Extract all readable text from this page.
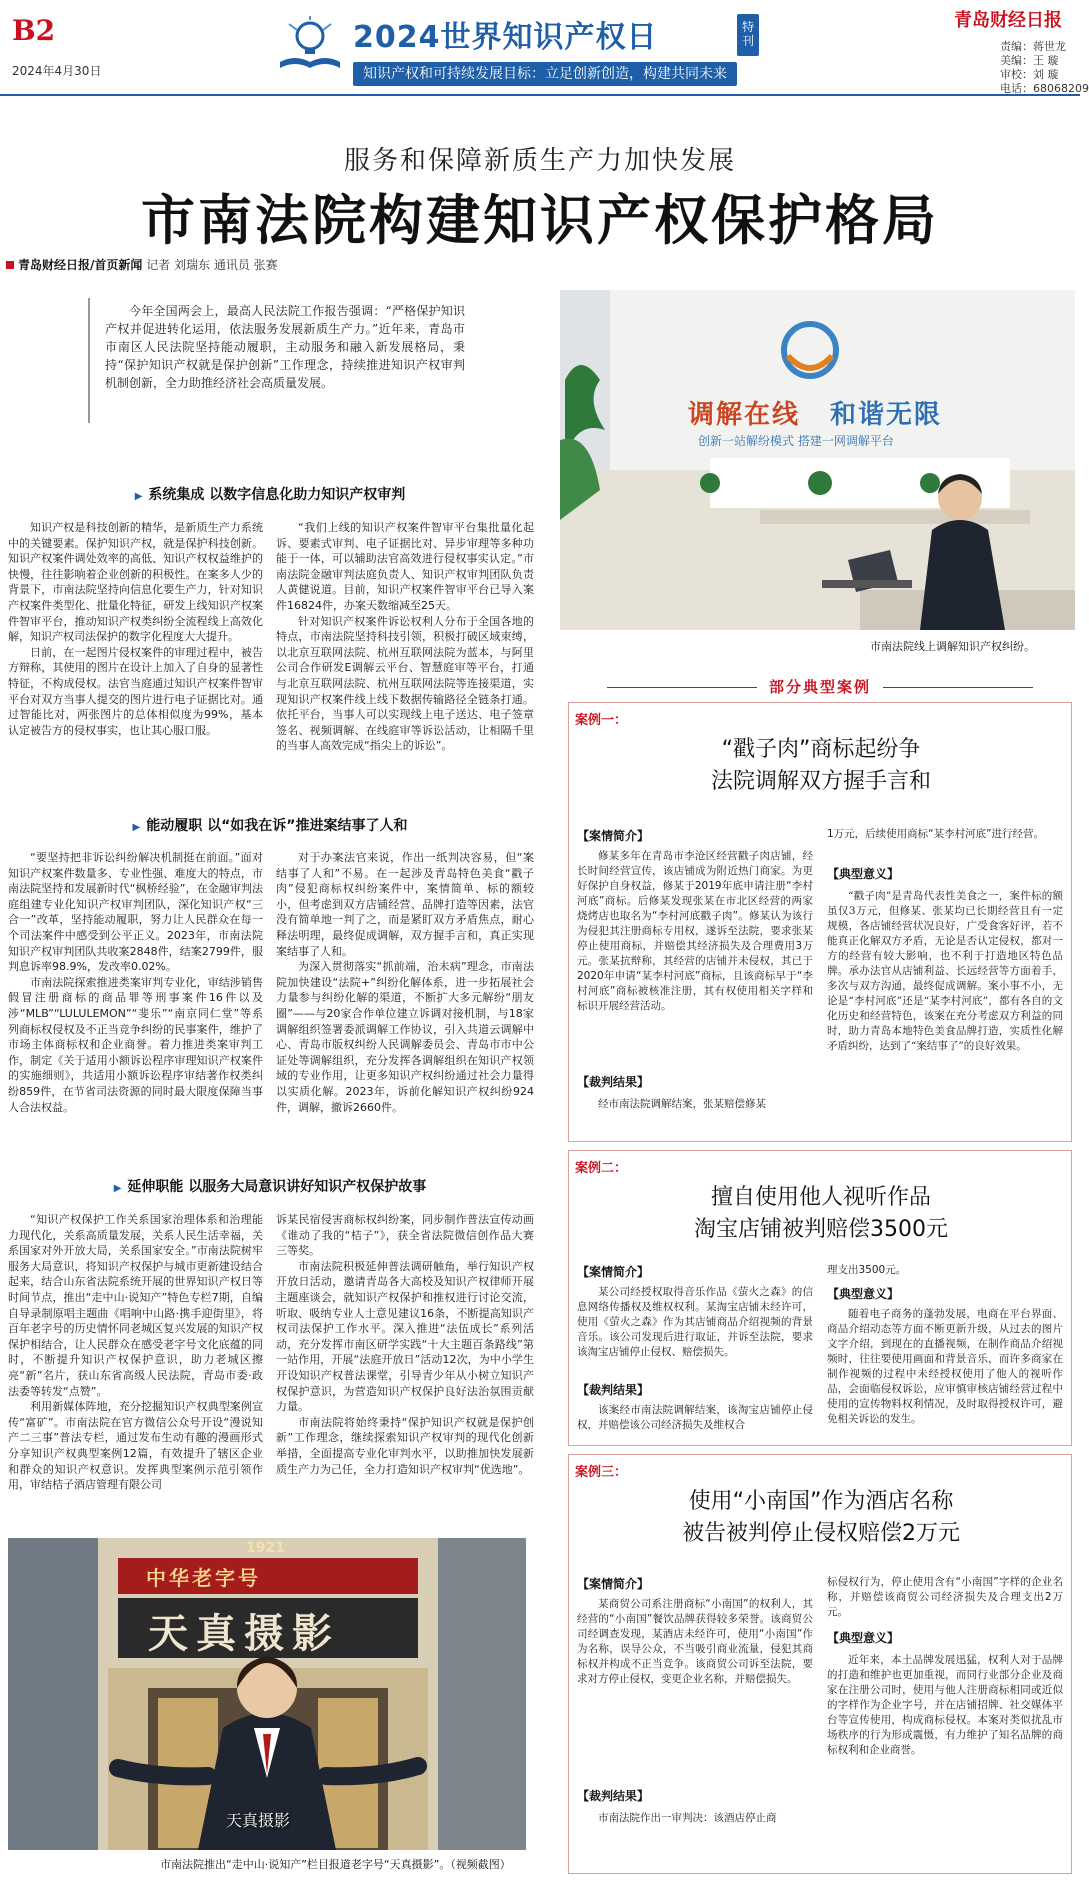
B2
2024年4月30日
2024世界知识产权日	特刊
知识产权和可持续发展目标：立足创新创造，构建共同未来
青岛财经日报
责编：蒋世龙
美编：王 璇
审校：刘 璇
电话：68068209
服务和保障新质生产力加快发展
市南法院构建知识产权保护格局
青岛财经日报/首页新闻 记者 刘瑞东 通讯员 张赛
今年全国两会上，最高人民法院工作报告强调：“严格保护知识产权并促进转化运用，依法服务发展新质生产力。”近年来，青岛市市南区人民法院坚持能动履职，主动服务和融入新发展格局，秉持“保护知识产权就是保护创新”工作理念，持续推进知识产权审判机制创新，全力助推经济社会高质量发展。
▶ 系统集成 以数字信息化助力知识产权审判

知识产权是科技创新的精华，是新质生产力系统中的关键要素。保护知识产权，就是保护科技创新。知识产权案件调处效率的高低、知识产权权益维护的快慢，往往影响着企业创新的积极性。在案多人少的背景下，市南法院坚持向信息化要生产力，针对知识产权案件类型化、批量化特征，研发上线知识产权案件智审平台，推动知识产权类纠纷全流程线上高效化解，知识产权司法保护的数字化程度大大提升。

日前，在一起图片侵权案件的审理过程中，被告方辩称，其使用的图片在设计上加入了自身的显著性特征，不构成侵权。法官当庭通过知识产权案件智审平台对双方当事人提交的图片进行电子证据比对。通过智能比对，两张图片的总体相似度为99%，基本认定被告方的侵权事实，也让其心服口服。

“我们上线的知识产权案件智审平台集批量化起诉、要素式审判、电子证据比对、异步审理等多种功能于一体，可以辅助法官高效进行侵权事实认定。”市南法院金融审判法庭负责人、知识产权审判团队负责人黄健说道。目前，知识产权案件智审平台已导入案件16824件，办案天数缩减至25天。

针对知识产权案件诉讼权利人分布于全国各地的特点，市南法院坚持科技引领，积极打破区域束缚，以北京互联网法院、杭州互联网法院为蓝本，与阿里公司合作研发E调解云平台、智慧庭审等平台，打通与北京互联网法院、杭州互联网法院等连接渠道，实现知识产权案件线上线下数据传输路径全链条打通。依托平台，当事人可以实现线上电子送达、电子签章签名、视频调解、在线庭审等诉讼活动，让相隔千里的当事人高效完成“指尖上的诉讼”。

▶ 能动履职 以“如我在诉”推进案结事了人和

“要坚持把非诉讼纠纷解决机制挺在前面。”面对知识产权案件数量多、专业性强、难度大的特点，市南法院坚持和发展新时代“枫桥经验”，在金融审判法庭组建专业化知识产权审判团队，深化知识产权“三合一”改革，坚持能动履职，努力让人民群众在每一个司法案件中感受到公平正义。2023年，市南法院知识产权审判团队共收案2848件，结案2799件，服判息诉率98.9%，发改率0.02%。

市南法院探索推进类案审判专业化，审结涉销售假冒注册商标的商品罪等刑事案件16件以及涉“MLB”“LULULEMON”“斐乐”“南京同仁堂”等系列商标权侵权及不正当竞争纠纷的民事案件，维护了市场主体商标权和企业商誉。着力推进类案审判工作，制定《关于适用小额诉讼程序审理知识产权案件的实施细则》，共适用小额诉讼程序审结著作权类纠纷859件，在节省司法资源的同时最大限度保障当事人合法权益。

对于办案法官来说，作出一纸判决容易，但“案结事了人和”不易。在一起涉及青岛特色美食“戳子肉”侵犯商标权纠纷案件中，案情简单、标的额较小，但考虑到双方店铺经营、品牌打造等因素，法官没有简单地一判了之，而是紧盯双方矛盾焦点，耐心释法明理，最终促成调解，双方握手言和，真正实现案结事了人和。

为深入贯彻落实“抓前端，治未病”理念，市南法院加快建设“法院+”纠纷化解体系，进一步拓展社会力量参与纠纷化解的渠道，不断扩大多元解纷“朋友圈”——与20家合作单位建立诉调对接机制，与18家调解组织签署委派调解工作协议，引入共道云调解中心、青岛市版权纠纷人民调解委员会、青岛市市中公证处等调解组织，充分发挥各调解组织在知识产权领域的专业作用，让更多知识产权纠纷通过社会力量得以实质化解。2023年，诉前化解知识产权纠纷924件，调解，撤诉2660件。

▶ 延伸职能 以服务大局意识讲好知识产权保护故事

“知识产权保护工作关系国家治理体系和治理能力现代化，关系高质量发展，关系人民生活幸福，关系国家对外开放大局，关系国家安全。”市南法院树牢服务大局意识，将知识产权保护与城市更新建设结合起来，结合山东省法院系统开展的世界知识产权日等时间节点，推出“走中山·说知产”特色专栏7期，自编自导录制原唱主题曲《唱响中山路·携手迎街里》，将百年老字号的历史情怀同老城区复兴发展的知识产权保护相结合，让人民群众在感受老字号文化底蕴的同时，不断提升知识产权保护意识，助力老城区擦亮“新”名片，获山东省高级人民法院，青岛市委·政法委等转发“点赞”。

利用新媒体阵地，充分挖掘知识产权典型案例宣传“富矿”。市南法院在官方微信公众号开设“漫说知产二三事”普法专栏，通过发布生动有趣的漫画形式分享知识产权典型案例12篇，有效提升了辖区企业和群众的知识产权意识。发挥典型案例示范引领作用，审结桔子酒店管理有限公司

诉某民宿侵害商标权纠纷案，同步制作普法宣传动画《谁动了我的“桔子”》，获全省法院微信创作品大赛三等奖。

市南法院积极延伸普法调研触角，举行知识产权开放日活动，邀请青岛各大高校及知识产权律师开展主题座谈会，就知识产权保护和推权进行讨论交流，听取、吸纳专业人士意见建议16条，不断提高知识产权司法保护工作水平。深入推进“法伍成长”系列活动，充分发挥市南区研学实践“十大主题百条路线”第一站作用，开展“法庭开放日”活动12次，为中小学生开设知识产权普法课堂，引导青少年从小树立知识产权保护意识，为营造知识产权保护良好法治氛围贡献力量。

市南法院将始终秉持“保护知识产权就是保护创新”工作理念，继续探索知识产权审判的现代化创新举措，全面提高专业化审判水平，以助推加快发展新质生产力为己任，全力打造知识产权审判“优选地”。

1921
中华老字号
天真摄影
天真摄影
市南法院推出“走中山·说知产”栏目报道老字号“天真摄影”。（视频截图）
调解在线 和谐无限
创新一站解纷模式 搭建一网调解平台
市南法院线上调解知识产权纠纷。
部分典型案例
案例一：
“戳子肉”商标起纷争
法院调解双方握手言和
【案情简介】

修某多年在青岛市李沧区经营戳子肉店铺，经长时间经营宣传，该店铺成为附近热门商家。为更好保护自身权益，修某于2019年底申请注册“李村河底”商标。后修某发现张某在市北区经营的两家烧烤店也取名为“李村河底戳子肉”。修某认为该行为侵犯其注册商标专用权，遂诉至法院，要求张某停止使用商标，并赔偿其经济损失及合理费用3万元。张某抗辩称，其经营的店铺并未侵权，其已于2020年申请“某李村河底”商标，且该商标早于“李村河底”商标被核准注册，其有权使用相关字样和标识开展经营活动。

【裁判结果】

经市南法院调解结案，张某赔偿修某

1万元，后续使用商标“某李村河底”进行经营。

【典型意义】

“戳子肉”是青岛代表性美食之一，案件标的额虽仅3万元，但修某、张某均已长期经营且有一定规模，各店铺经营状况良好，广受食客好评，若不能真正化解双方矛盾，无论是否认定侵权，都对一方的经营有较大影响，也不利于打造地区特色品牌。承办法官从店铺利益、长远经营等方面着手，多次与双方沟通，最终促成调解。案小事不小，无论是“李村河底”还是“某李村河底”，都有各自的文化历史和经营特色，该案在充分考虑双方利益的同时，助力青岛本地特色美食品牌打造，实质性化解矛盾纠纷，达到了“案结事了”的良好效果。

案例二：
擅自使用他人视听作品
淘宝店铺被判赔偿3500元
【案情简介】

某公司经授权取得音乐作品《萤火之森》的信息网络传播权及维权权利。某淘宝店铺未经许可，使用《萤火之森》作为其店铺商品介绍视频的背景音乐。该公司发现后进行取证，并诉至法院，要求该淘宝店铺停止侵权、赔偿损失。

【裁判结果】

该案经市南法院调解结案，该淘宝店铺停止侵权，并赔偿该公司经济损失及维权合

理支出3500元。

【典型意义】

随着电子商务的蓬勃发展，电商在平台界面、商品介绍动态等方面不断更新升级，从过去的图片文字介绍，到现在的直播视频，在制作商品介绍视频时，往往要使用画面和背景音乐，而许多商家在制作视频的过程中未经授权使用了他人的视听作品，会面临侵权诉讼，应审慎审核店铺经营过程中使用的宣传物料权利情况，及时取得授权许可，避免相关诉讼的发生。

案例三：
使用“小南国”作为酒店名称
被告被判停止侵权赔偿2万元
【案情简介】

某商贸公司系注册商标“小南国”的权利人，其经营的“小南国”餐饮品牌获得较多荣誉。该商贸公司经调查发现，某酒店未经许可，使用“小南国”作为名称，误导公众，不当吸引商业流量，侵犯其商标权并构成不正当竞争。该商贸公司诉至法院，要求对方停止侵权，变更企业名称，并赔偿损失。

【裁判结果】

市南法院作出一审判决：该酒店停止商

标侵权行为，停止使用含有“小南国”字样的企业名称，并赔偿该商贸公司经济损失及合理支出2万元。

【典型意义】

近年来，本土品牌发展迅猛，权利人对于品牌的打造和维护也更加重视，而同行业部分企业及商家在注册公司时，使用与他人注册商标相同或近似的字样作为企业字号，并在店铺招牌、社交媒体平台等宣传使用，构成商标侵权。本案对类似扰乱市场秩序的行为形成震慑，有力维护了知名品牌的商标权利和企业商誉。
